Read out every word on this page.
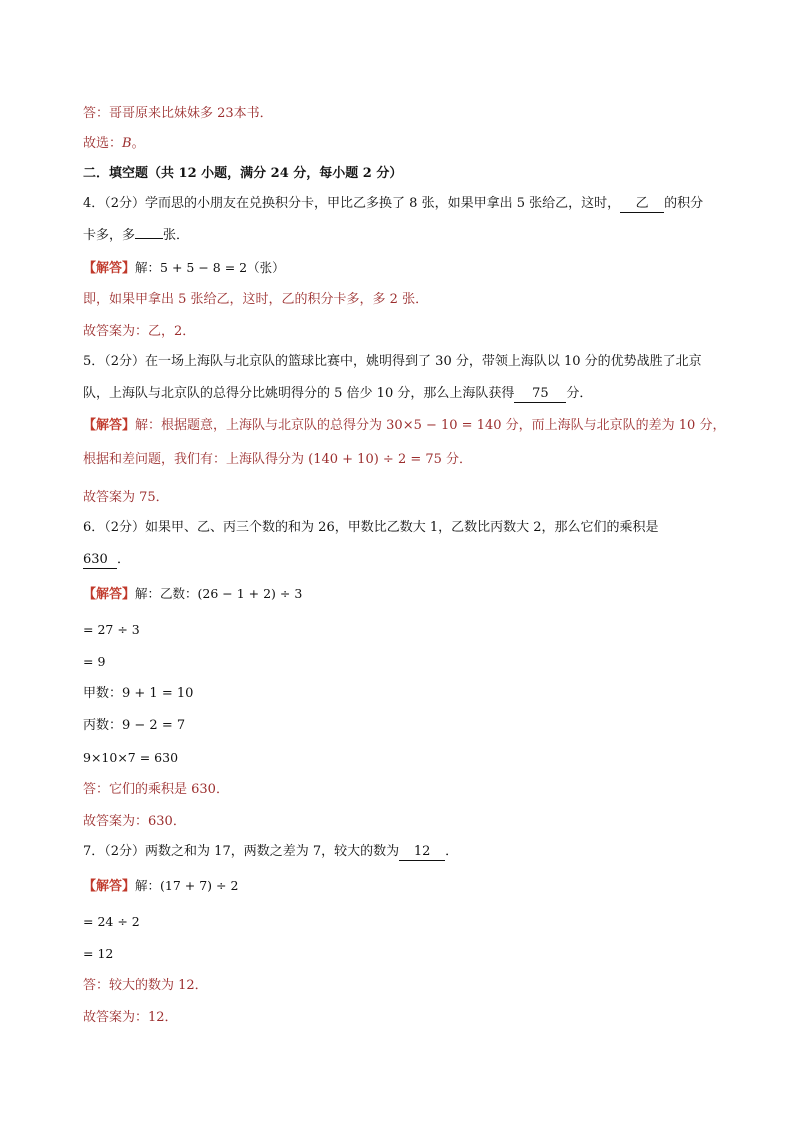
答：哥哥原来比妹妹多 23本书．
故选：B。
二．填空题（共 12 小题，满分 24 分，每小题 2 分）
4．（2分）学而思的小朋友在兑换积分卡，甲比乙多换了 8 张，如果甲拿出 5 张给乙，这时， 乙 的积分
卡多，多 张．
【解答】解：5 + 5 − 8 = 2（张）
即，如果甲拿出 5 张给乙，这时，乙的积分卡多，多 2 张．
故答案为：乙，2．
5．（2分）在一场上海队与北京队的篮球比赛中，姚明得到了 30 分，带领上海队以 10 分的优势战胜了北京
队，上海队与北京队的总得分比姚明得分的 5 倍少 10 分，那么上海队获得 75 分．
【解答】解：根据题意，上海队与北京队的总得分为 30×5 − 10 = 140 分，而上海队与北京队的差为 10 分，
根据和差问题，我们有：上海队得分为 (140 + 10) ÷ 2 = 75 分．
故答案为 75．
6．（2分）如果甲、乙、丙三个数的和为 26，甲数比乙数大 1，乙数比丙数大 2，那么它们的乘积是
630 ．
【解答】解：乙数：(26 − 1 + 2) ÷ 3
= 27 ÷ 3
= 9
甲数：9 + 1 = 10
丙数：9 − 2 = 7
9×10×7 = 630
答：它们的乘积是 630．
故答案为：630．
7．（2分）两数之和为 17，两数之差为 7，较大的数为 12 ．
【解答】解：(17 + 7) ÷ 2
= 24 ÷ 2
= 12
答：较大的数为 12．
故答案为：12．
